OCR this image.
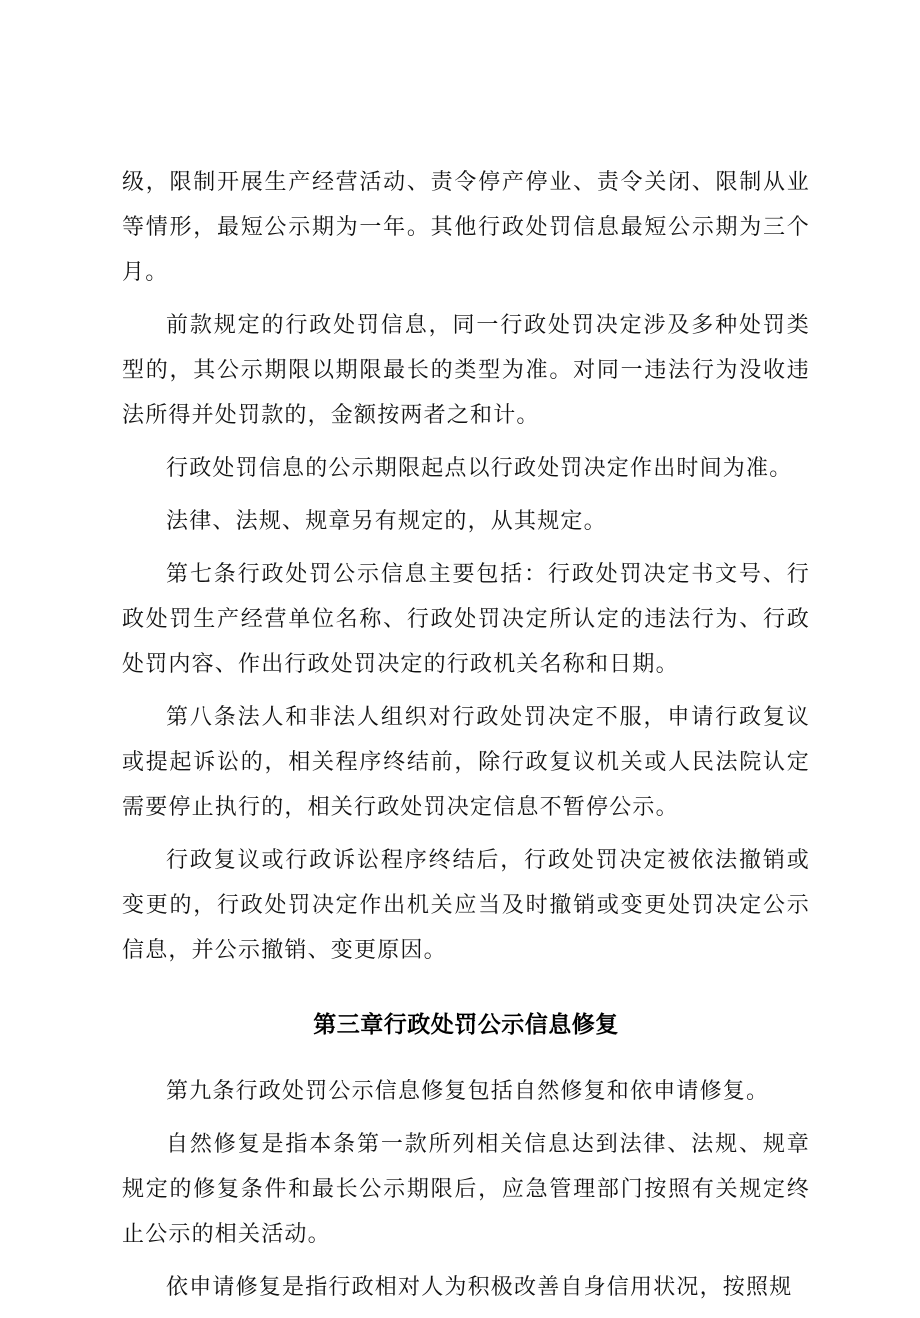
级，限制开展生产经营活动、责令停产停业、责令关闭、限制从业等情形，最短公示期为一年。其他行政处罚信息最短公示期为三个月。

前款规定的行政处罚信息，同一行政处罚决定涉及多种处罚类型的，其公示期限以期限最长的类型为准。对同一违法行为没收违法所得并处罚款的，金额按两者之和计。

行政处罚信息的公示期限起点以行政处罚决定作出时间为准。

法律、法规、规章另有规定的，从其规定。

第七条行政处罚公示信息主要包括：行政处罚决定书文号、行政处罚生产经营单位名称、行政处罚决定所认定的违法行为、行政处罚内容、作出行政处罚决定的行政机关名称和日期。

第八条法人和非法人组织对行政处罚决定不服，申请行政复议或提起诉讼的，相关程序终结前，除行政复议机关或人民法院认定需要停止执行的，相关行政处罚决定信息不暂停公示。

行政复议或行政诉讼程序终结后，行政处罚决定被依法撤销或变更的，行政处罚决定作出机关应当及时撤销或变更处罚决定公示信息，并公示撤销、变更原因。

第三章行政处罚公示信息修复

第九条行政处罚公示信息修复包括自然修复和依申请修复。

自然修复是指本条第一款所列相关信息达到法律、法规、规章规定的修复条件和最长公示期限后，应急管理部门按照有关规定终止公示的相关活动。

依申请修复是指行政相对人为积极改善自身信用状况，按照规
